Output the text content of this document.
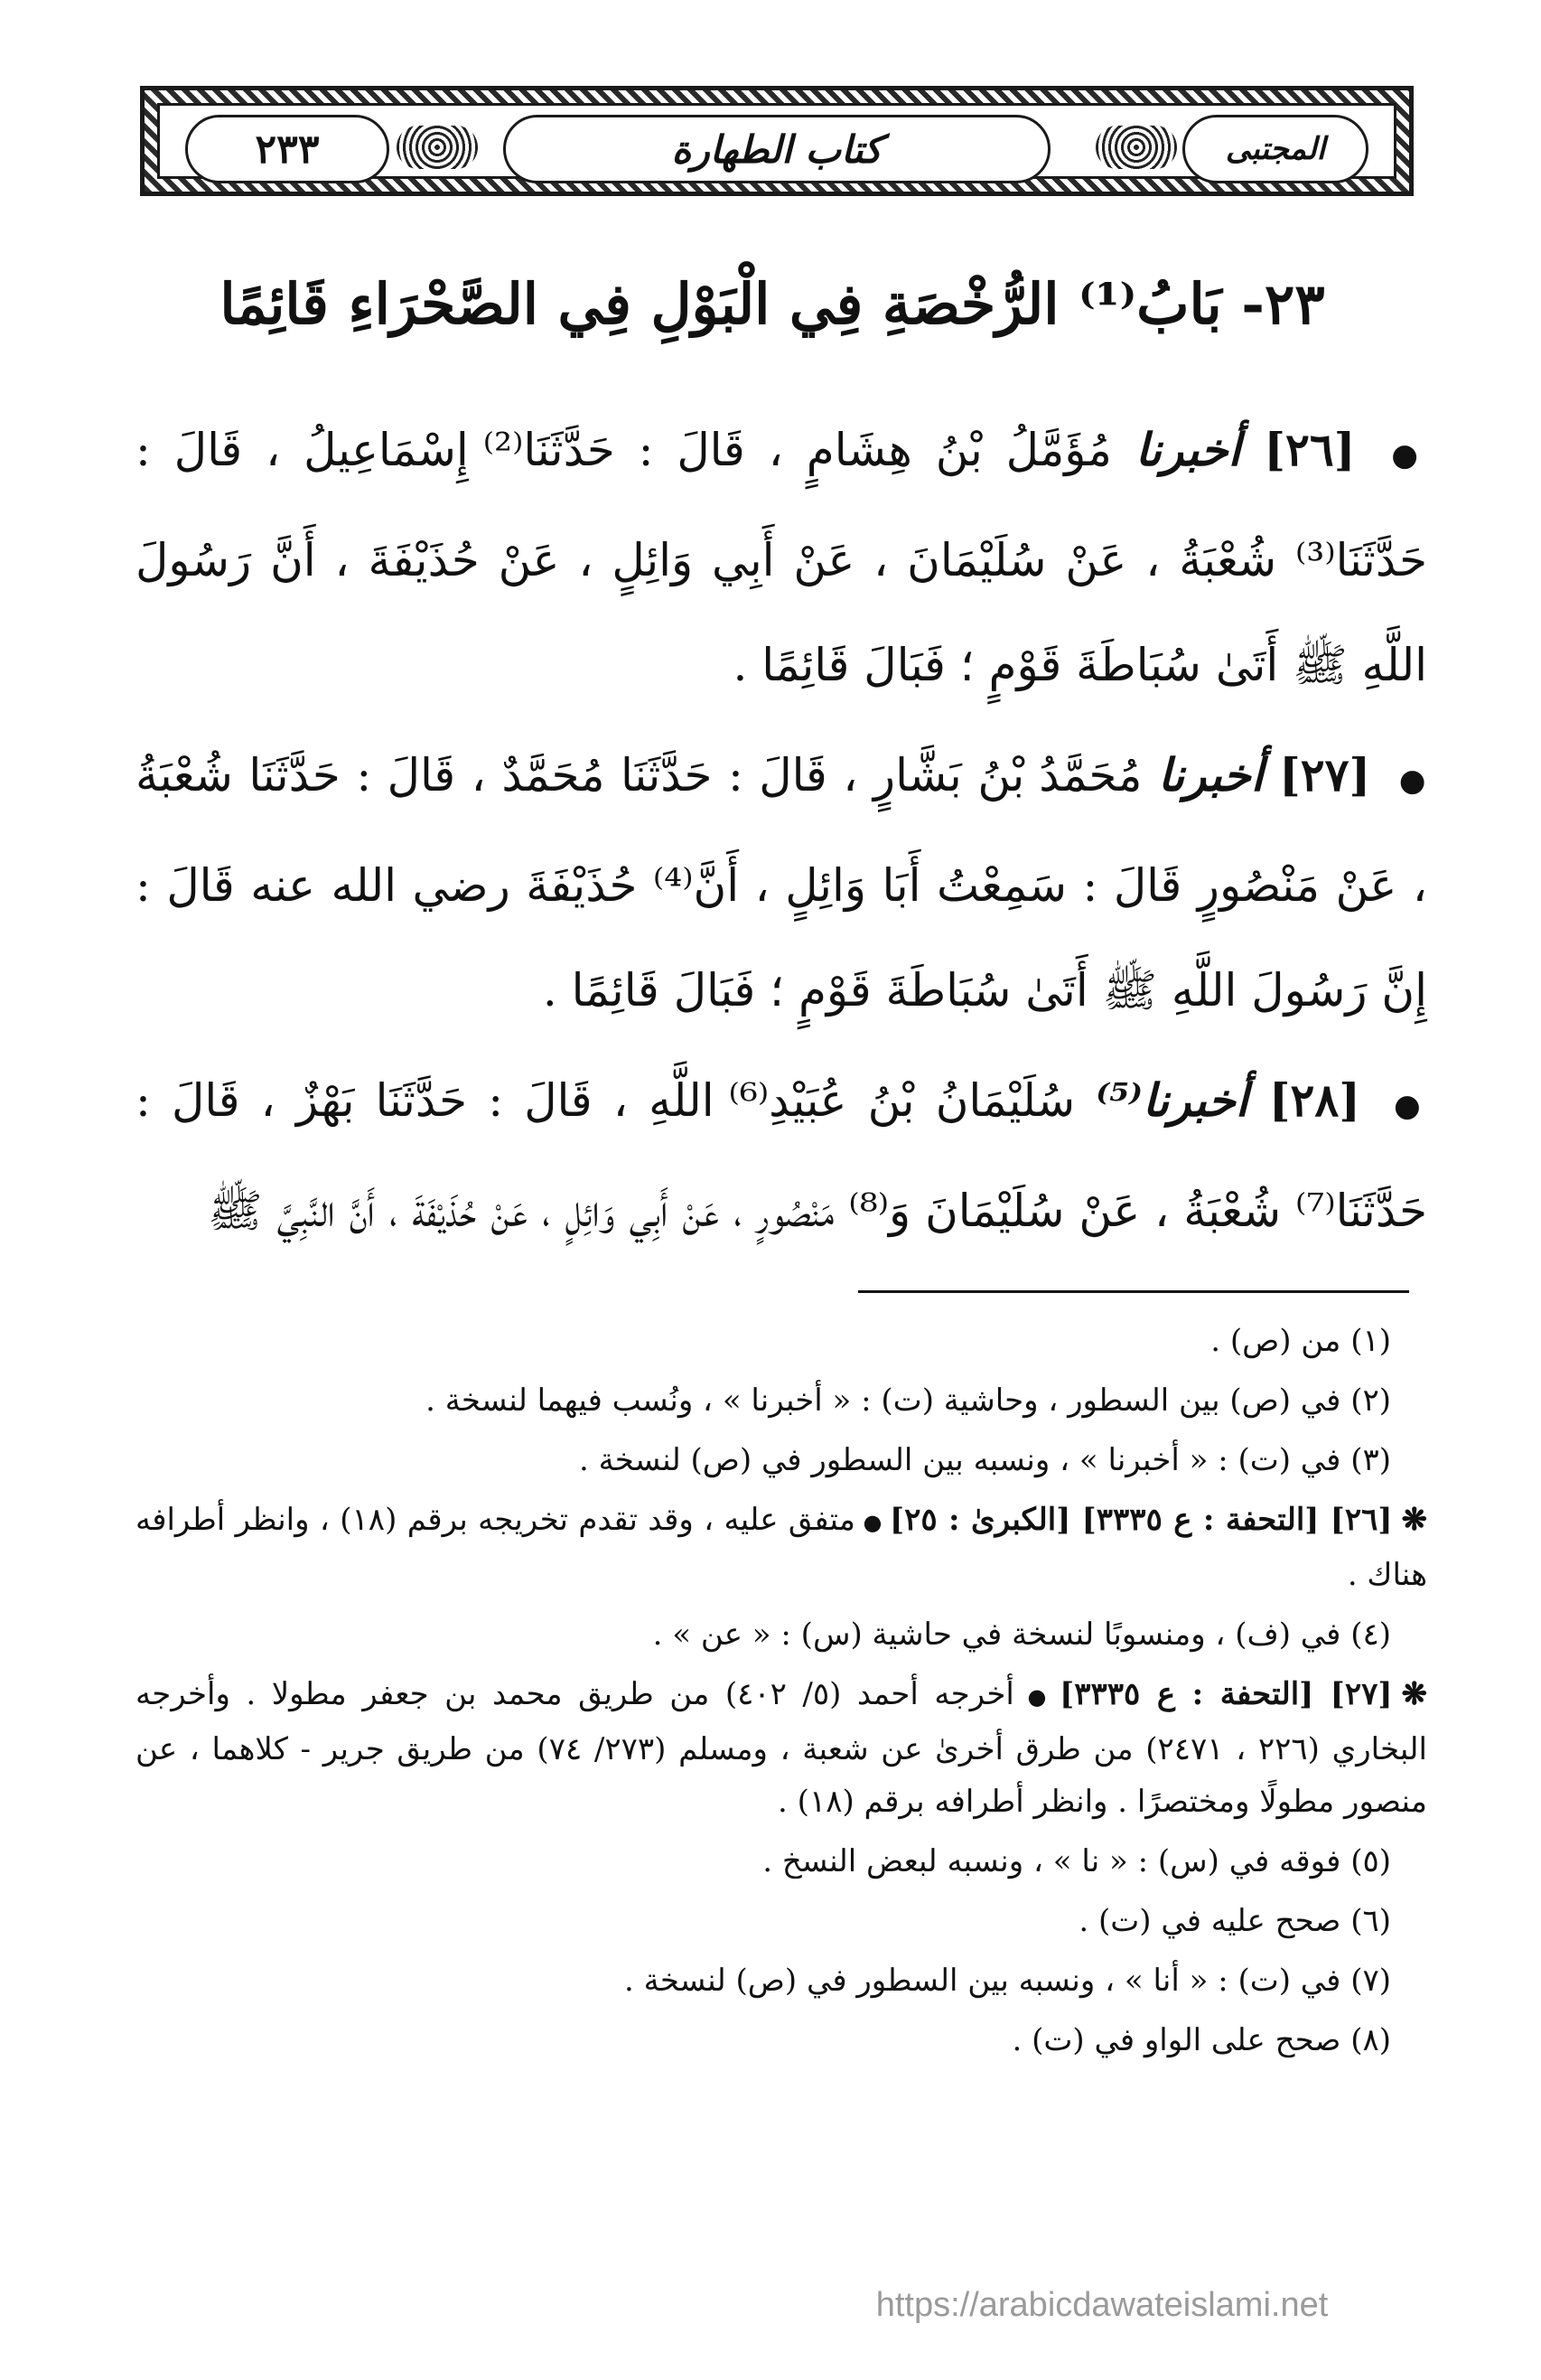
٢٣٣	كتاب الطهارة	المجتبى
٢٣- بَابُ⁽¹⁾ الرُّخْصَةِ فِي الْبَوْلِ فِي الصَّحْرَاءِ قَائِمًا
● [٢٦] أخبرنا مُؤَمَّلُ بْنُ هِشَامٍ ، قَالَ : حَدَّثَنَا⁽²⁾ إِسْمَاعِيلُ ، قَالَ : حَدَّثَنَا⁽³⁾ شُعْبَةُ ، عَنْ سُلَيْمَانَ ، عَنْ أَبِي وَائِلٍ ، عَنْ حُذَيْفَةَ ، أَنَّ رَسُولَ اللَّهِ ﷺ أَتَىٰ سُبَاطَةَ قَوْمٍ ؛ فَبَالَ قَائِمًا .
● [٢٧] أخبرنا مُحَمَّدُ بْنُ بَشَّارٍ ، قَالَ : حَدَّثَنَا مُحَمَّدٌ ، قَالَ : حَدَّثَنَا شُعْبَةُ ، عَنْ مَنْصُورٍ قَالَ : سَمِعْتُ أَبَا وَائِلٍ ، أَنَّ⁽⁴⁾ حُذَيْفَةَ رضي الله عنه قَالَ : إِنَّ رَسُولَ اللَّهِ ﷺ أَتَىٰ سُبَاطَةَ قَوْمٍ ؛ فَبَالَ قَائِمًا .
● [٢٨] أخبرنا⁽⁵⁾ سُلَيْمَانُ بْنُ عُبَيْدِ⁽⁶⁾ اللَّهِ ، قَالَ : حَدَّثَنَا بَهْزٌ ، قَالَ : حَدَّثَنَا⁽⁷⁾ شُعْبَةُ ، عَنْ سُلَيْمَانَ وَ⁽⁸⁾ مَنْصُورٍ ، عَنْ أَبِي وَائِلٍ ، عَنْ حُذَيْفَةَ ، أَنَّ النَّبِيَّ ﷺ
(١) من (ص) .
(٢) في (ص) بين السطور ، وحاشية (ت) : « أخبرنا » ، ونُسب فيهما لنسخة .
(٣) في (ت) : « أخبرنا » ، ونسبه بين السطور في (ص) لنسخة .
❋[٢٦] [التحفة : ع ٣٣٣٥] [الكبرىٰ : ٢٥]●متفق عليه ، وقد تقدم تخريجه برقم (١٨) ، وانظر أطرافه هناك .
(٤) في (ف) ، ومنسوبًا لنسخة في حاشية (س) : « عن » .
❋[٢٧] [التحفة : ع ٣٣٣٥]●أخرجه أحمد (٥/ ٤٠٢) من طريق محمد بن جعفر مطولا . وأخرجه البخاري (٢٢٦ ، ٢٤٧١) من طرق أخرىٰ عن شعبة ، ومسلم (٢٧٣/ ٧٤) من طريق جرير - كلاهما ، عن منصور مطولًا ومختصرًا . وانظر أطرافه برقم (١٨) .
(٥) فوقه في (س) : « نا » ، ونسبه لبعض النسخ .
(٦) صحح عليه في (ت) .
(٧) في (ت) : « أنا » ، ونسبه بين السطور في (ص) لنسخة .
(٨) صحح على الواو في (ت) .
https://arabicdawateislami.net
